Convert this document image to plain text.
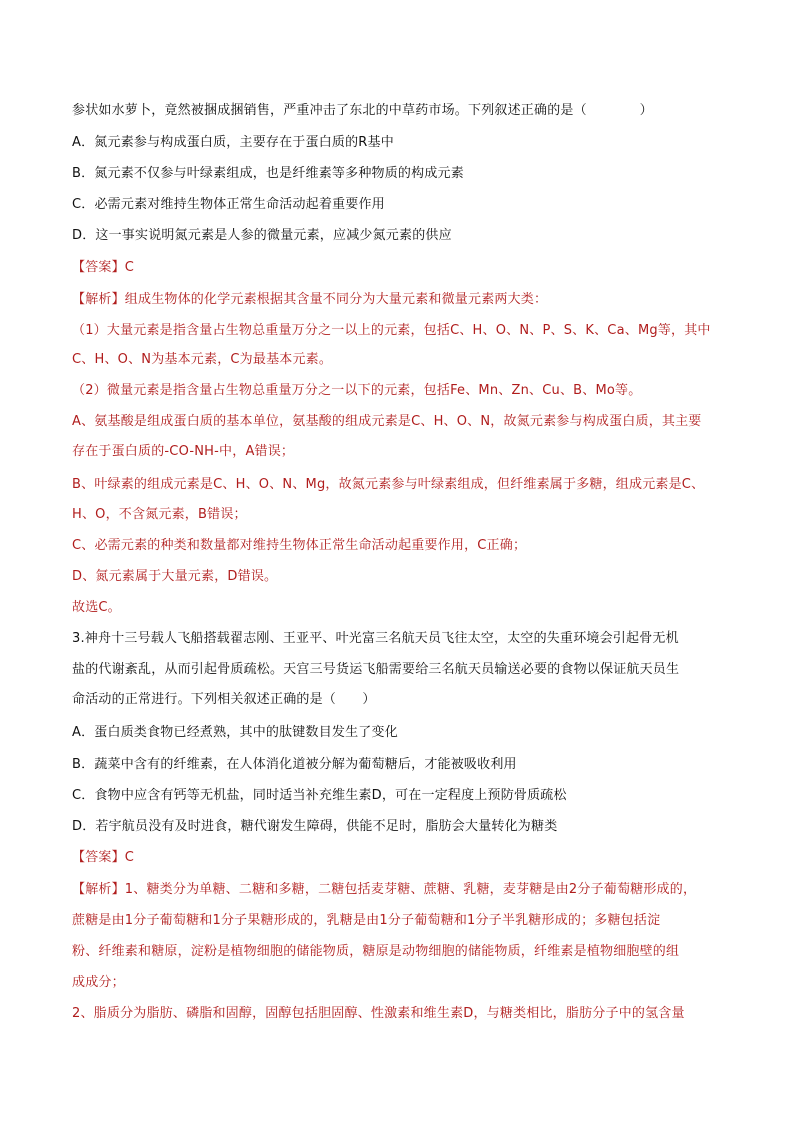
参状如水萝卜，竟然被捆成捆销售，严重冲击了东北的中草药市场。下列叙述正确的是（　　　　）
A．氮元素参与构成蛋白质，主要存在于蛋白质的R基中
B．氮元素不仅参与叶绿素组成，也是纤维素等多种物质的构成元素
C．必需元素对维持生物体正常生命活动起着重要作用
D．这一事实说明氮元素是人参的微量元素，应减少氮元素的供应
【答案】C
【解析】组成生物体的化学元素根据其含量不同分为大量元素和微量元素两大类：
（1）大量元素是指含量占生物总重量万分之一以上的元素，包括C、H、O、N、P、S、K、Ca、Mg等，其中
C、H、O、N为基本元素，C为最基本元素。
（2）微量元素是指含量占生物总重量万分之一以下的元素，包括Fe、Mn、Zn、Cu、B、Mo等。
A、氨基酸是组成蛋白质的基本单位，氨基酸的组成元素是C、H、O、N，故氮元素参与构成蛋白质，其主要
存在于蛋白质的-CO-NH-中，A错误；
B、叶绿素的组成元素是C、H、O、N、Mg，故氮元素参与叶绿素组成，但纤维素属于多糖，组成元素是C、
H、O，不含氮元素，B错误；
C、必需元素的种类和数量都对维持生物体正常生命活动起重要作用，C正确；
D、氮元素属于大量元素，D错误。
故选C。
3.神舟十三号载人飞船搭载翟志刚、王亚平、叶光富三名航天员飞往太空，太空的失重环境会引起骨无机
盐的代谢紊乱，从而引起骨质疏松。天宫三号货运飞船需要给三名航天员输送必要的食物以保证航天员生
命活动的正常进行。下列相关叙述正确的是（　　）
A．蛋白质类食物已经煮熟，其中的肽键数目发生了变化
B．蔬菜中含有的纤维素，在人体消化道被分解为葡萄糖后，才能被吸收利用
C．食物中应含有钙等无机盐，同时适当补充维生素D，可在一定程度上预防骨质疏松
D．若宇航员没有及时进食，糖代谢发生障碍，供能不足时，脂肪会大量转化为糖类
【答案】C
【解析】1、糖类分为单糖、二糖和多糖，二糖包括麦芽糖、蔗糖、乳糖，麦芽糖是由2分子葡萄糖形成的，
蔗糖是由1分子葡萄糖和1分子果糖形成的，乳糖是由1分子葡萄糖和1分子半乳糖形成的；多糖包括淀
粉、纤维素和糖原，淀粉是植物细胞的储能物质，糖原是动物细胞的储能物质，纤维素是植物细胞壁的组
成成分；
2、脂质分为脂肪、磷脂和固醇，固醇包括胆固醇、性激素和维生素D，与糖类相比，脂肪分子中的氢含量
